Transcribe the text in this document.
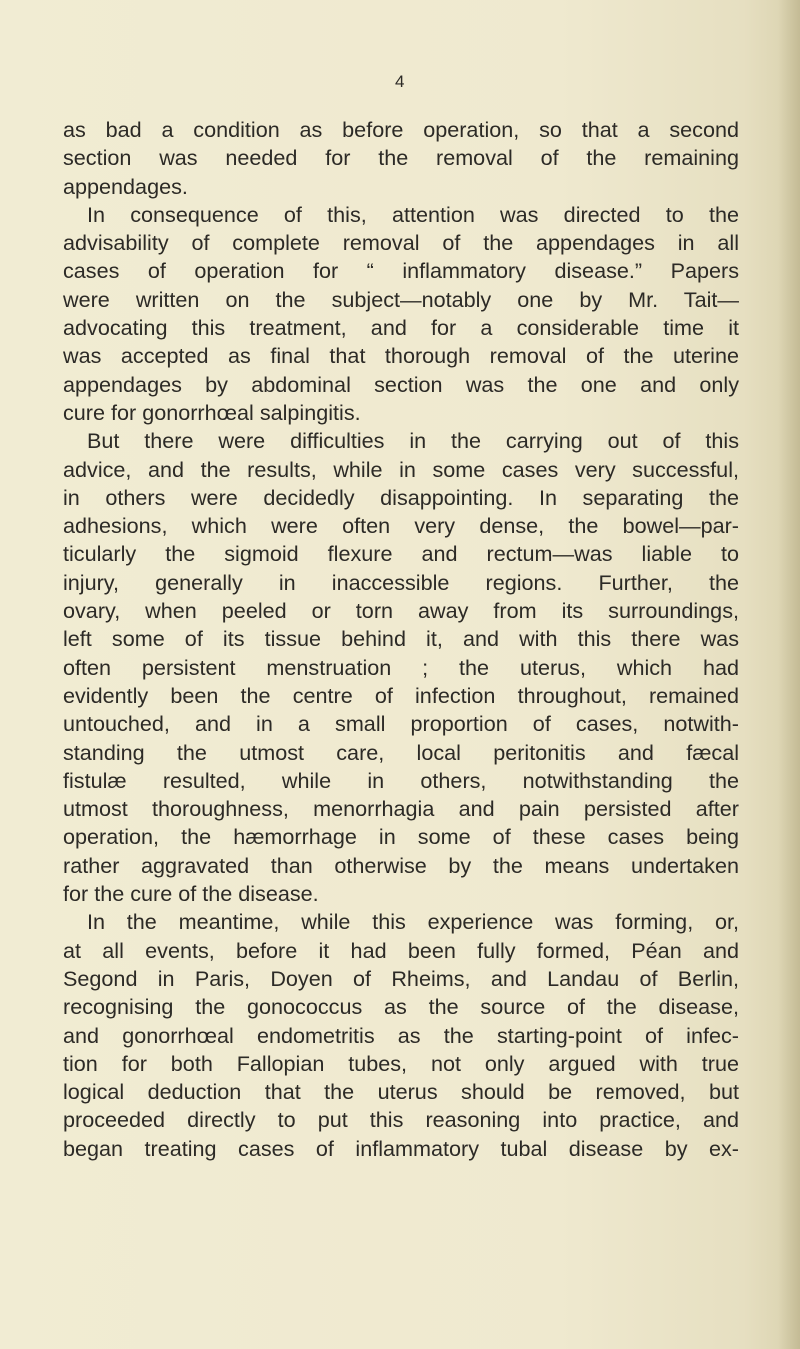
4
as bad a condition as before operation, so that a second
section was needed for the removal of the remaining
appendages.
In consequence of this, attention was directed to the
advisability of complete removal of the appendages in all
cases of operation for “ inflammatory disease.” Papers
were written on the subject—notably one by Mr. Tait—
advocating this treatment, and for a considerable time it
was accepted as final that thorough removal of the uterine
appendages by abdominal section was the one and only
cure for gonorrhœal salpingitis.
But there were difficulties in the carrying out of this
advice, and the results, while in some cases very successful,
in others were decidedly disappointing. In separating the
adhesions, which were often very dense, the bowel—par-
ticularly the sigmoid flexure and rectum—was liable to
injury, generally in inaccessible regions. Further, the
ovary, when peeled or torn away from its surroundings,
left some of its tissue behind it, and with this there was
often persistent menstruation ; the uterus, which had
evidently been the centre of infection throughout, remained
untouched, and in a small proportion of cases, notwith-
standing the utmost care, local peritonitis and fæcal
fistulæ resulted, while in others, notwithstanding the
utmost thoroughness, menorrhagia and pain persisted after
operation, the hæmorrhage in some of these cases being
rather aggravated than otherwise by the means undertaken
for the cure of the disease.
In the meantime, while this experience was forming, or,
at all events, before it had been fully formed, Péan and
Segond in Paris, Doyen of Rheims, and Landau of Berlin,
recognising the gonococcus as the source of the disease,
and gonorrhœal endometritis as the starting-point of infec-
tion for both Fallopian tubes, not only argued with true
logical deduction that the uterus should be removed, but
proceeded directly to put this reasoning into practice, and
began treating cases of inflammatory tubal disease by ex-
